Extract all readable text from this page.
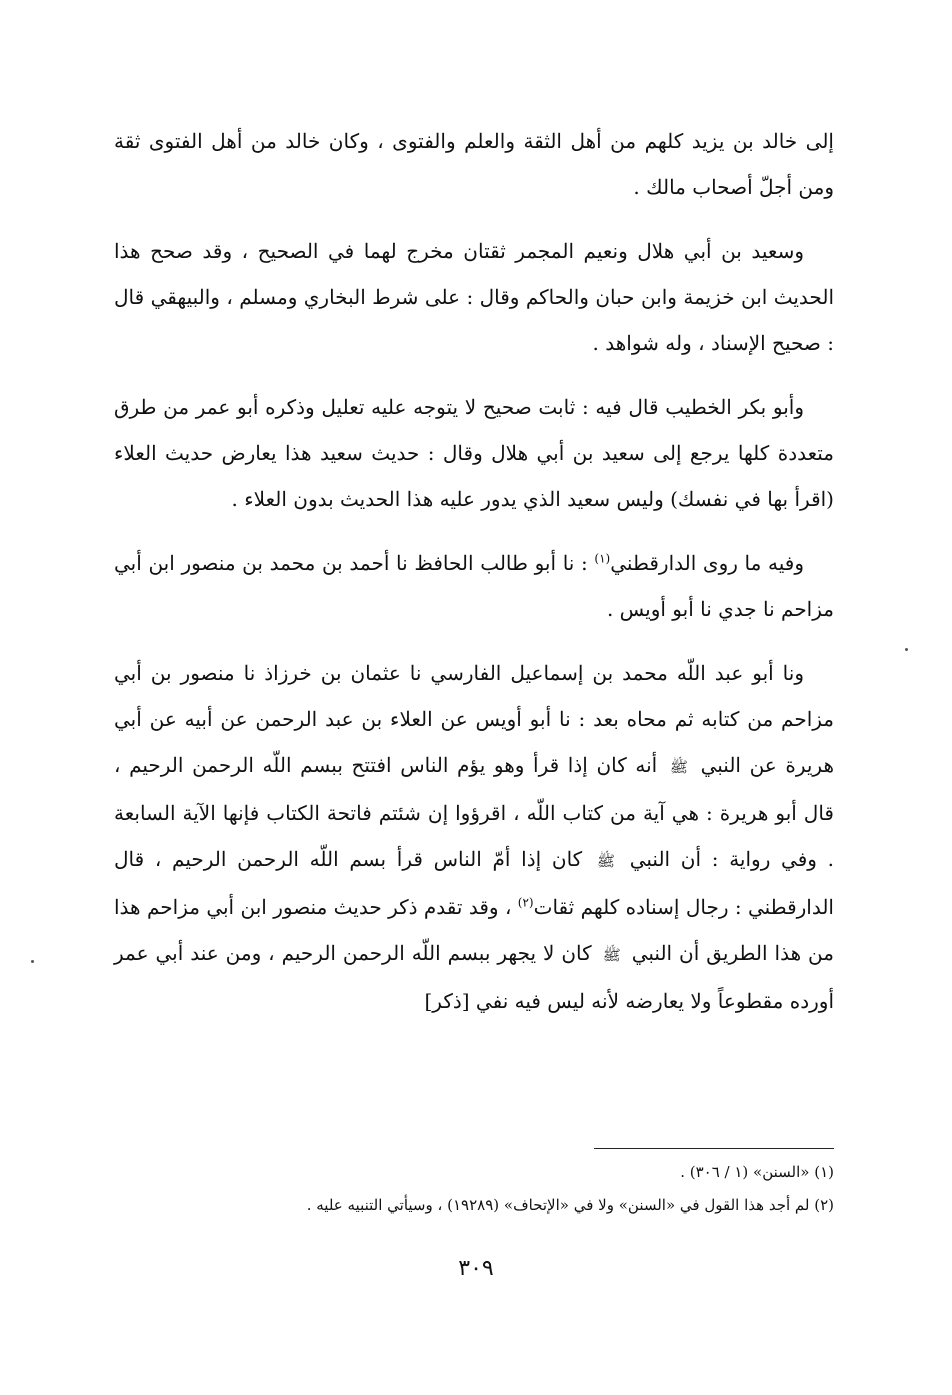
إلى خالد بن يزيد كلهم من أهل الثقة والعلم والفتوى ، وكان خالد من أهل الفتوى ثقة ومن أجلّ أصحاب مالك .

وسعيد بن أبي هلال ونعيم المجمر ثقتان مخرج لهما في الصحيح ، وقد صحح هذا الحديث ابن خزيمة وابن حبان والحاكم وقال : على شرط البخاري ومسلم ، والبيهقي قال : صحيح الإسناد ، وله شواهد .

وأبو بكر الخطيب قال فيه : ثابت صحيح لا يتوجه عليه تعليل وذكره أبو عمر من طرق متعددة كلها يرجع إلى سعيد بن أبي هلال وقال : حديث سعيد هذا يعارض حديث العلاء (اقرأ بها في نفسك) وليس سعيد الذي يدور عليه هذا الحديث بدون العلاء .

وفيه ما روى الدارقطني$^{(١)}$ : نا أبو طالب الحافظ نا أحمد بن محمد بن منصور ابن أبي مزاحم نا جدي نا أبو أويس .

ونا أبو عبد اللّه محمد بن إسماعيل الفارسي نا عثمان بن خرزاذ نا منصور بن أبي مزاحم من كتابه ثم محاه بعد : نا أبو أويس عن العلاء بن عبد الرحمن عن أبيه عن أبي هريرة عن النبي ﷺ أنه كان إذا قرأ وهو يؤم الناس افتتح ببسم اللّه الرحمن الرحيم ، قال أبو هريرة : هي آية من كتاب اللّه ، اقرؤوا إن شئتم فاتحة الكتاب فإنها الآية السابعة . وفي رواية : أن النبي ﷺ كان إذا أمّ الناس قرأ بسم اللّه الرحمن الرحيم ، قال الدارقطني : رجال إسناده كلهم ثقات$^{(٢)}$ ، وقد تقدم ذكر حديث منصور ابن أبي مزاحم هذا من هذا الطريق أن النبي ﷺ كان لا يجهر ببسم اللّه الرحمن الرحيم ، ومن عند أبي عمر أورده مقطوعاً ولا يعارضه لأنه ليس فيه نفي [ذكر]

(١) «السنن» (١ / ٣٠٦) .

(٢) لم أجد هذا القول في «السنن» ولا في «الإتحاف» (١٩٢٨٩) ، وسيأتي التنبيه عليه .

٣٠٩
